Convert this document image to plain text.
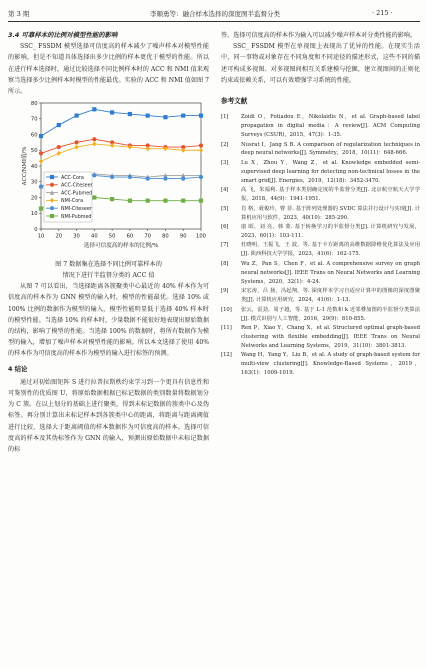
第 3 期	李顺勇等：融合样本选择的深度图半监督分类	· 215 ·

3.4 可靠样本的比例对模型性能的影响

SSC_ FSSDM 模型选择可信度高的样本减少了噪声样本对模型性能的影响，但是不知道具体选择出多少比例的样本更优于模型的性能。所以在进行样本选择时，通过比较选择不同比例样本时的 ACC 和 NMI 值来观察当选择多少比例样本时模型的性能最优。实验的 ACC 和 NMI 值如图 7 所示。

0
10
20
30
40
50
60
70
80
10 20 30 40 50 60 70 80 90 100
选择可信度高的样本的比例/%
ACC/NMI值/%	ACC-Cora
ACC-Citeseer
ACC-Pubmed
NMI-Cora
NMI-Citeseer
NMI-Pubmed

图 7 数据集在选择不同比例可靠样本的
情况下进行半监督分类的 ACC 值

从图 7 可以看出，当选择距离各簇聚类中心最近的 40% 样本作为可信度高的样本作为 GNN 模型的输入时，模型的性能最优。选择 10% 或 100% 比例的数据作为模型的输入，模型性能明显低于选择 40% 样本时的模型性能。当选择 10% 的样本时，少量数据不能很好地表现出原始数据的结构，影响了模型的性能。当选择 100% 的数据时，将所有数据作为模型的输入，增加了噪声样本对模型性能的影响。所以本文选择了使用 40% 的样本作为可信度高的样本作为模型的输入进行标签的预测。

4 结论

通过对初始图矩阵 S 进行拉普拉斯秩约束学习到一个更具有信息性和可鉴别性的优质图 U，将原始数据根据已标记数据的类别数量将数据划分为 C 簇。在以上划分的基础上进行聚类，得到未标记数据的簇类中心及伪标签。再分别计算出未标记样本到各簇类中心的距离，将距离与距离阈值进行比较，选择大于距离阈值的样本数据作为可信度高的样本。选择可信度高的样本及其伪标签作为 GNN 的输入，预测出原始数据中未标记数据的标

签。选择可信度高的样本作为输入可以减少噪声样本对分类性能的影响。

SSC_ FSSDM 模型在单视图上表现出了优异的性能。在现实生活中，同一事物或对象存在不同角度和不同途径的描述形式，这些不同的描述可构成多视图。对多视图间相互关系建模与挖掘，建立视图间的正则化约束或依赖关系，可以有效增强学习系统的性能。

参考文献

[1] Zoidi O，Fotiadou E，Nikolaidis N，et al. Graph-based label propagation in digital media：A review[J]. ACM Computing Surveys (CSUR)，2015，47(3)：1-35.
[2] Nusrat I，Jang S B. A comparison of regularization techniques in deep neural networks[J]. Symmetry，2018，10(11)：648-666.
[3] Lu X，Zhou Y，Wang Z，et al. Knowledge embedded semi-supervised deep learning for detecting non-technical losses in the smart grid[J]. Energies，2019，12(18)：3452-3470.
[4] 高 飞，朱福利. 基于样本类别确定度的半监督分类[J]. 北京航空航天大学学报，2018，44(9)：1941-1951.
[5] 肖 格，聂俊玲，曹 菲. 基于阵列处理器的 SVDC 算法并行设计与实现[J]. 计算机应用与软件，2023，40(10)：285-290.
[6] 康 昭，刘 亮，韩 蒙. 基于转换学习的半监督分类[J]. 计算机研究与发展，2023，60(1)：103-111.
[7] 杜晓明，王振飞，王 波，等. 基于卡方距离的高维数据降维优化算法及应用[J]. 陕西科技大学学报，2023，41(6)：162-175.
[8] Wu Z，Pan S，Chen F，et al. A comprehensive survey on graph neural networks[J]. IEEE Trans on Neural Networks and Learning Systems，2020，32(1)：4-24.
[9] 宋宏涛，吕 扬，冯起翔，等. 深度样本学习自适应计算中的图像的深度图聚类[J]. 计算机应用研究，2024，41(6)：1-13.
[10] 张云，雷劲，周子越，等. 基于 L-1 范数和 k 近邻叠加图的半监督分类算法[J]. 模式识别与人工智能，2016，29(9)：810-855.
[11] Ren P，Xiao Y，Chang X，et al. Structured optimal graph-based clustering with flexible embedding[J]. IEEE Trans on Neural Networks and Learning Systems，2019，31(10)：3801-3813.
[12] Wang H，Yang Y，Liu B，et al. A study of graph-based system for multi-view clustering[J]. Knowledge-Based Systems，2019，163(1)：1009-1019.
